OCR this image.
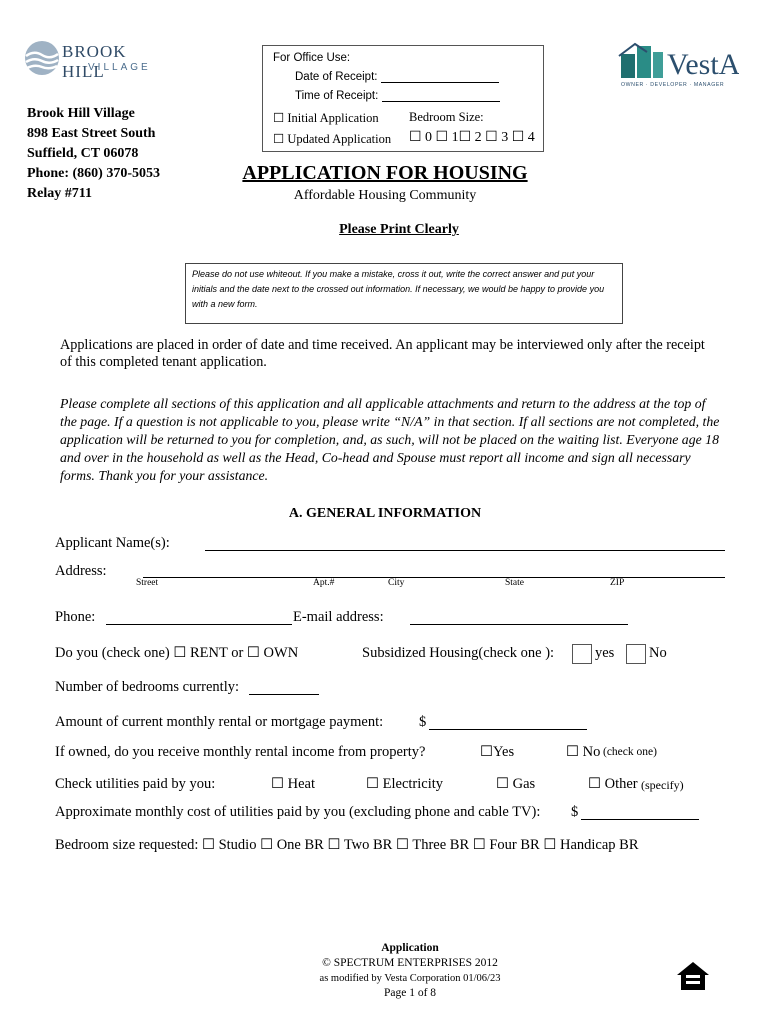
BROOK HILL
VILLAGE
Brook Hill Village
898 East Street South
Suffield, CT 06078
Phone: (860) 370-5053
Relay #711
For Office Use:
Date of Receipt:
Time of Receipt:
☐ Initial Application Bedroom Size:
☐ Updated Application ☐ 0 ☐ 1☐ 2 ☐ 3 ☐ 4
VestA
OWNER · DEVELOPER · MANAGER
APPLICATION FOR HOUSING
Affordable Housing Community
Please Print Clearly
Please do not use whiteout. If you make a mistake, cross it out, write the correct answer and put your initials and the date next to the crossed out information. If necessary, we would be happy to provide you with a new form.
Applications are placed in order of date and time received. An applicant may be interviewed only after the receipt of this completed tenant application.
Please complete all sections of this application and all applicable attachments and return to the address at the top of the page. If a question is not applicable to you, please write “N/A” in that section. If all sections are not completed, the application will be returned to you for completion, and, as such, will not be placed on the waiting list. Everyone age 18 and over in the household as well as the Head, Co-head and Spouse must report all income and sign all necessary forms. Thank you for your assistance.
A. GENERAL INFORMATION
Applicant Name(s):
Address:
Street	Apt.#	City	State	ZIP
Phone:	E-mail address:
Do you (check one) ☐ RENT or ☐ OWN	Subsidized Housing(check one ):	yes No
Number of bedrooms currently:
Amount of current monthly rental or mortgage payment: $
If owned, do you receive monthly rental income from property?	☐Yes	☐ No (check one)
Check utilities paid by you:	☐ Heat	☐ Electricity	☐ Gas	☐ Other (specify)
Approximate monthly cost of utilities paid by you (excluding phone and cable TV): $
Bedroom size requested: ☐ Studio ☐ One BR ☐ Two BR ☐ Three BR ☐ Four BR ☐ Handicap BR
Application
© SPECTRUM ENTERPRISES 2012
as modified by Vesta Corporation 01/06/23
Page 1 of 8
